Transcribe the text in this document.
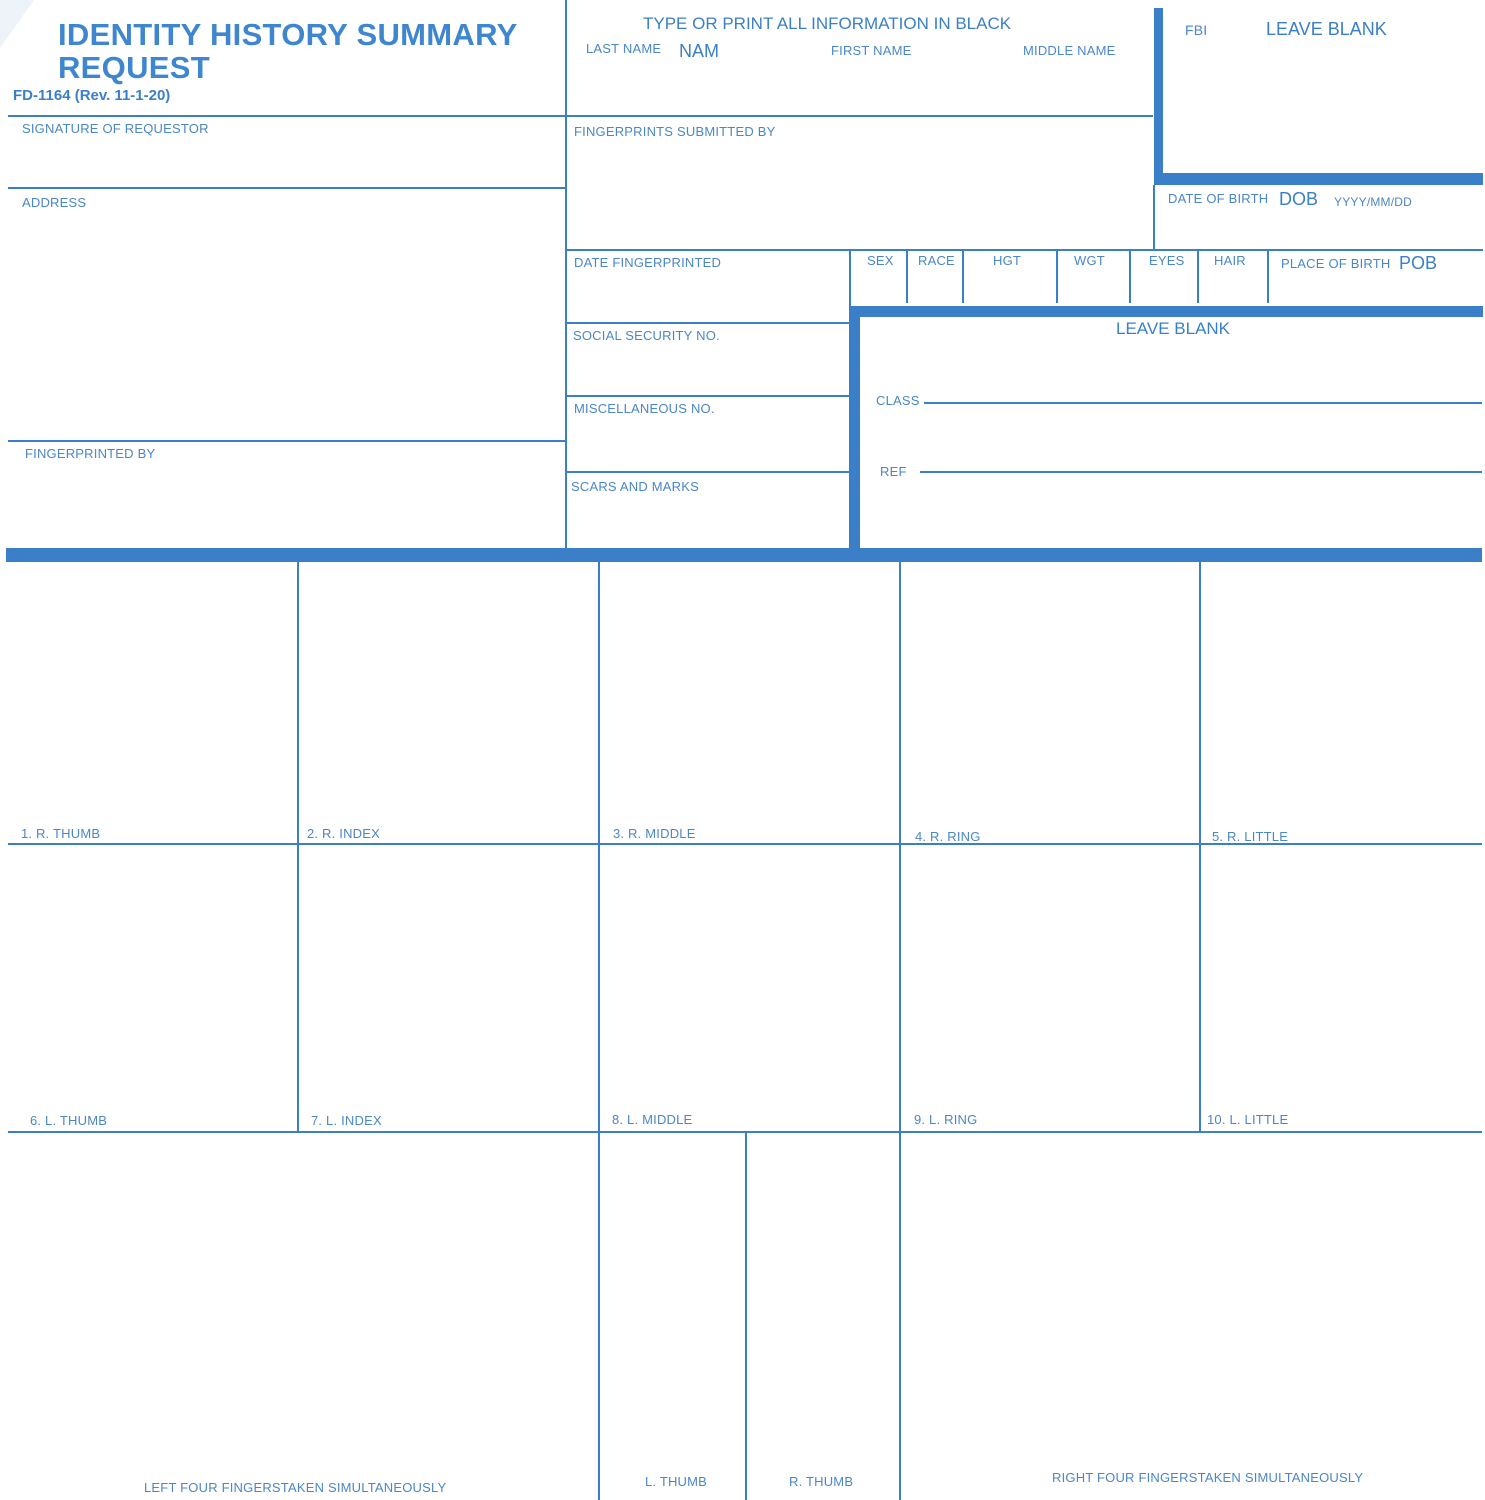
IDENTITY HISTORY SUMMARY
REQUEST
FD-1164 (Rev. 11-1-20)
TYPE OR PRINT ALL INFORMATION IN BLACK
LAST NAME NAM	FIRST NAME	MIDDLE NAME
FBI	LEAVE BLANK
SIGNATURE OF REQUESTOR
ADDRESS
FINGERPRINTED BY
FINGERPRINTS SUBMITTED BY
DATE FINGERPRINTED
SOCIAL SECURITY NO.
MISCELLANEOUS NO.
SCARS AND MARKS
DATE OF BIRTH DOB YYYY/MM/DD
SEX RACE	HGT	WGT	EYES HAIR	PLACE OF BIRTH POB
LEAVE BLANK
CLASS
REF
1. R. THUMB	2. R. INDEX	3. R. MIDDLE	4. R. RING	5. R. LITTLE
6. L. THUMB	7. L. INDEX	8. L. MIDDLE	9. L. RING	10. L. LITTLE
LEFT FOUR FINGERSTAKEN SIMULTANEOUSLY	L. THUMB	R. THUMB	RIGHT FOUR FINGERSTAKEN SIMULTANEOUSLY
